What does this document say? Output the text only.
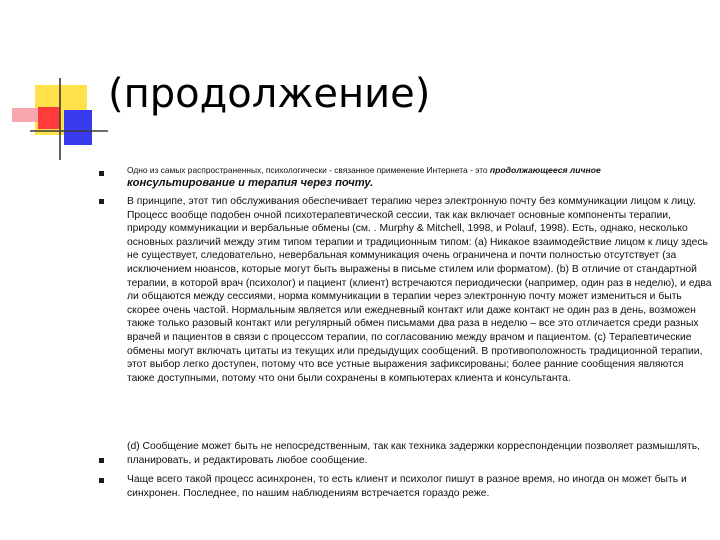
(продолжение)

Одно из самых распространенных, психологически - связанное применение Интернета - это продолжающееся личное

консультирование и терапия через почту.

В принципе, этот тип обслуживания обеспечивает терапию через электронную почту без коммуникации лицом к лицу. Процесс вообще подобен очной психотерапевтической сессии, так как включает основные компоненты терапии, природу коммуникации и вербальные обмены (см. . Murphy & Mitchell, 1998, и Polauf, 1998). Есть, однако, несколько основных различий между этим типом терапии и традиционным типом: (a) Никакое взаимодействие лицом к лицу здесь не существует, следовательно, невербальная коммуникация очень ограничена и почти полностью отсутствует (за исключением нюансов, которые могут быть выражены в письме стилем или форматом). (b) В отличие от стандартной терапии, в которой врач (психолог) и пациент (клиент) встречаются периодически (например, один раз в неделю), и едва ли общаются между сессиями, норма коммуникации в терапии через электронную почту может измениться и быть скорее очень частой. Нормальным является или ежедневный контакт или даже контакт не один раз в день, возможен также только разовый контакт или регулярный обмен письмами два раза в неделю – все это отличается среди разных врачей и пациентов в связи с процессом терапии, по согласованию между врачом и пациентом. (c) Терапевтические обмены могут включать цитаты из текущих или предыдущих сообщений. В противоположность традиционной терапии, этот выбор легко доступен, потому что все устные выражения зафиксированы; более ранние сообщения являются также доступными, потому что они были сохранены в компьютерах клиента и консультанта.

(d) Сообщение может быть не непосредственным, так как техника задержки корреспонденции позволяет размышлять, планировать, и редактировать любое сообщение.

Чаще всего такой процесс асинхронен, то есть клиент и психолог пишут в разное время, но иногда он может быть и синхронен. Последнее, по нашим наблюдениям встречается гораздо реже.
